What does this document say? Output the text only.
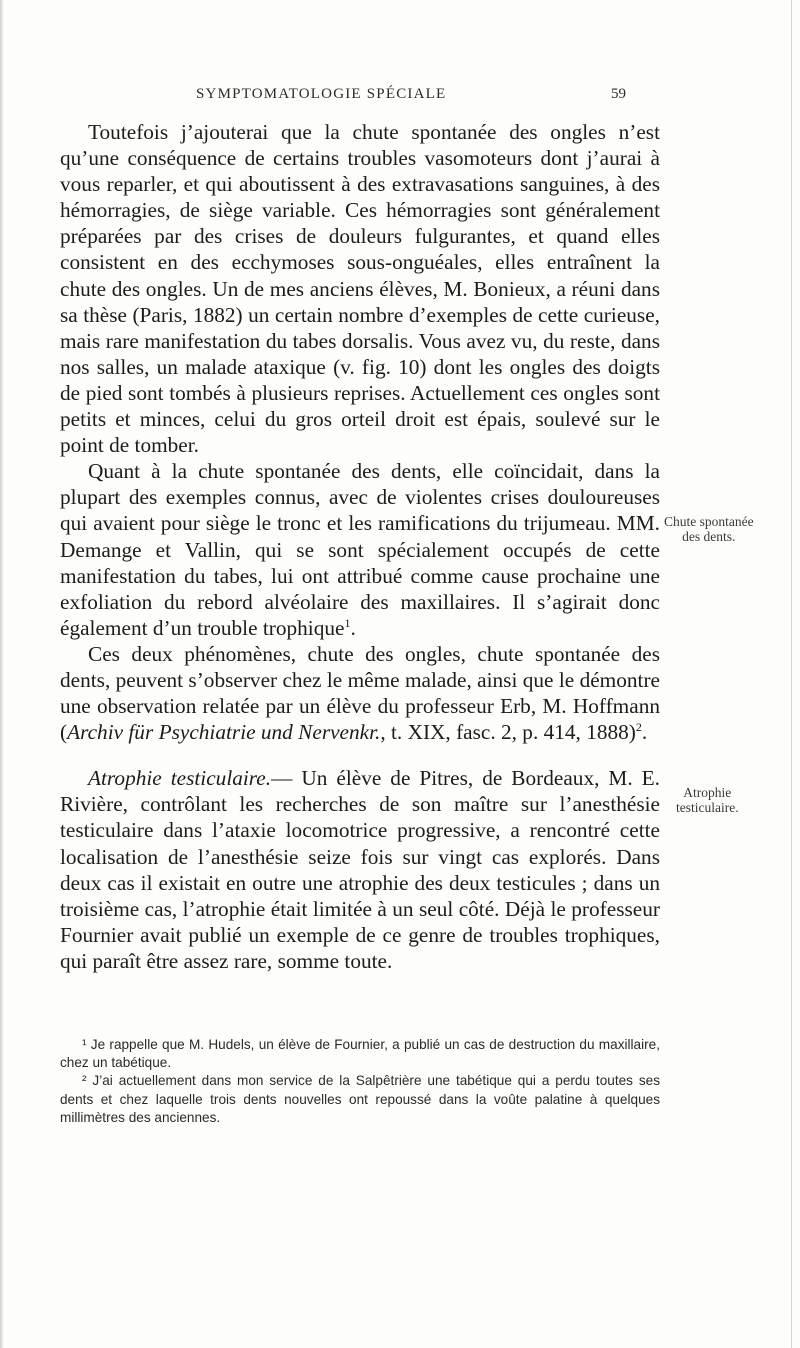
SYMPTOMATOLOGIE SPÉCIALE	59

Toutefois j’ajouterai que la chute spontanée des ongles n’est qu’une conséquence de certains troubles vasomoteurs dont j’aurai à vous reparler, et qui aboutissent à des extravasations sanguines, à des hémorragies, de siège variable. Ces hémorragies sont généralement préparées par des crises de douleurs fulgurantes, et quand elles consistent en des ecchymoses sous-onguéales, elles entraînent la chute des ongles. Un de mes anciens élèves, M. Bonieux, a réuni dans sa thèse (Paris, 1882) un certain nombre d’exemples de cette curieuse, mais rare manifestation du tabes dorsalis. Vous avez vu, du reste, dans nos salles, un malade ataxique (v. fig. 10) dont les ongles des doigts de pied sont tombés à plusieurs reprises. Actuellement ces ongles sont petits et minces, celui du gros orteil droit est épais, soulevé sur le point de tomber.

Quant à la chute spontanée des dents, elle coïncidait, dans la plupart des exemples connus, avec de violentes crises douloureuses qui avaient pour siège le tronc et les ramifications du trijumeau. MM. Demange et Vallin, qui se sont spécialement occupés de cette manifestation du tabes, lui ont attribué comme cause prochaine une exfoliation du rebord alvéolaire des maxillaires. Il s’agirait donc également d’un trouble trophique$^1$.

Ces deux phénomènes, chute des ongles, chute spontanée des dents, peuvent s’observer chez le même malade, ainsi que le démontre une observation relatée par un élève du professeur Erb, M. Hoffmann (Archiv für Psychiatrie und Nervenkr., t. XIX, fasc. 2, p. 414, 1888)$^2$.

Atrophie testiculaire.— Un élève de Pitres, de Bordeaux, M. E. Rivière, contrôlant les recherches de son maître sur l’anesthésie testiculaire dans l’ataxie locomotrice progressive, a rencontré cette localisation de l’anesthésie seize fois sur vingt cas explorés. Dans deux cas il existait en outre une atrophie des deux testicules ; dans un troisième cas, l’atrophie était limitée à un seul côté. Déjà le professeur Fournier avait publié un exemple de ce genre de troubles trophiques, qui paraît être assez rare, somme toute.

Chute spontanée
des dents.
Atrophie
testiculaire.

¹ Je rappelle que M. Hudels, un élève de Fournier, a publié un cas de destruction du maxillaire, chez un tabétique.

² J’ai actuellement dans mon service de la Salpêtrière une tabétique qui a perdu toutes ses dents et chez laquelle trois dents nouvelles ont repoussé dans la voûte palatine à quelques millimètres des anciennes.
